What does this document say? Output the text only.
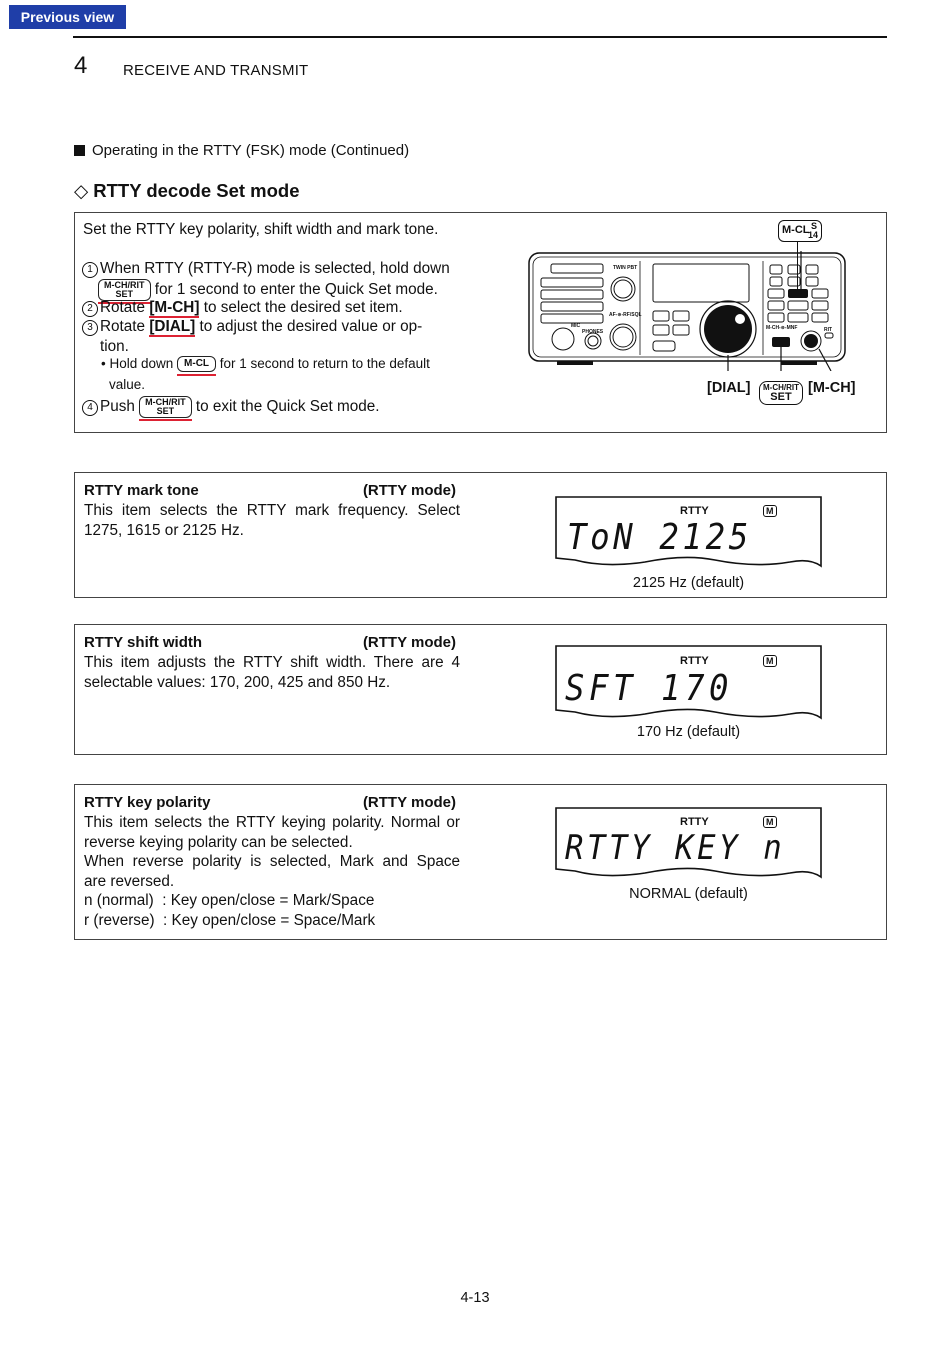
Previous view
4 RECEIVE AND TRANSMIT
Operating in the RTTY (FSK) mode (Continued)
◇ RTTY decode Set mode
Set the RTTY key polarity, shift width and mark tone.
1 When RTTY (RTTY-R) mode is selected, hold down
M-CH/RIT
SET for 1 second to enter the Quick Set mode.
2 Rotate [M-CH] to select the desired set item.
3 Rotate [DIAL] to adjust the desired value or op-
tion.
• Hold down M-CL for 1 second to return to the default
value.
4 Push M-CH/RIT
SET to exit the Quick Set mode.
TWIN PBT
AF-⊕-RF/SQL
MIC
PHONES
M-CH-⊕-MNF	RIT
M-CL S
14
[DIAL] M-CH/RIT
SET
[M-CH]
RTTY mark tone	(RTTY mode)
This item selects the RTTY mark frequency. Select
1275, 1615 or 2125 Hz.
RTTY	M
ToN 2125
2125 Hz (default)
RTTY shift width	(RTTY mode)
This item adjusts the RTTY shift width. There are 4
selectable values: 170, 200, 425 and 850 Hz.
RTTY	M
SFT 170
170 Hz (default)
RTTY key polarity	(RTTY mode)
This item selects the RTTY keying polarity. Normal or
reverse keying polarity can be selected.
When reverse polarity is selected, Mark and Space
are reversed.
n (normal)  : Key open/close = Mark/Space
r (reverse)  : Key open/close = Space/Mark
RTTY	M
RTTY KEY n
NORMAL (default)
4-13
